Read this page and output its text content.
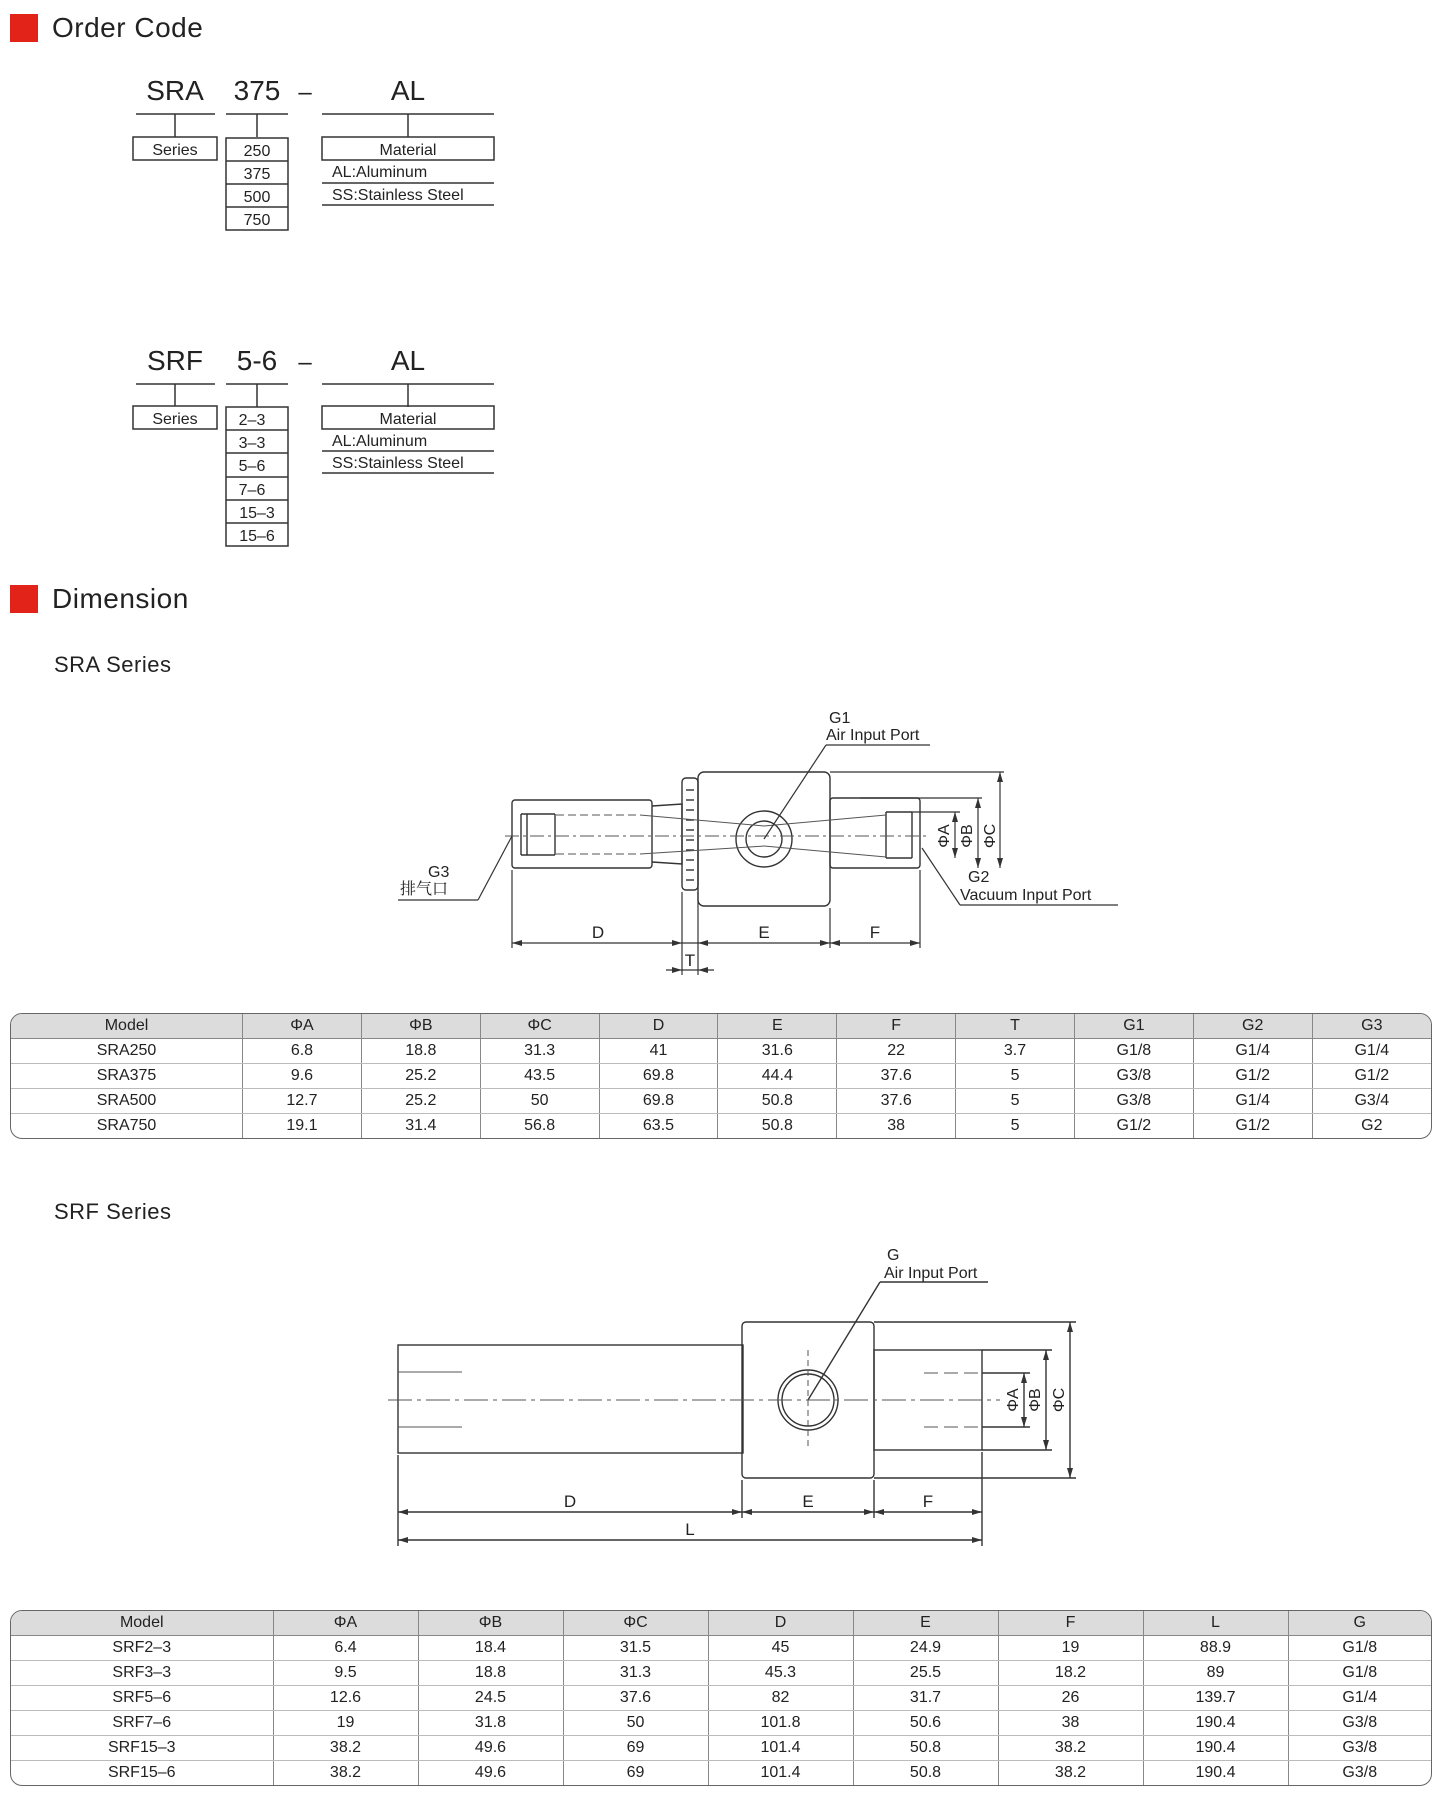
Order Code
SRA 375 –	AL
Series	250
375
500
750
Material
AL:Aluminum
SS:Stainless Steel
SRF 5-6 –	AL
Series	2–3
3–3
5–6
7–6
15–3
15–6
Material
AL:Aluminum
SS:Stainless Steel
Dimension
SRA Series
G1
Air Input Port
G2
Vacuum Input Port
G3
排气口
D
T
E	F
ΦA ΦB ΦC
Model	ΦA	ΦB	ΦC	D	E	F	T	G1	G2	G3
SRA250	6.8	18.8	31.3	41	31.6	22	3.7	G1/8	G1/4	G1/4
SRA375	9.6	25.2	43.5	69.8	44.4	37.6	5	G3/8	G1/2	G1/2
SRA500	12.7	25.2	50	69.8	50.8	37.6	5	G3/8	G1/4	G3/4
SRA750	19.1	31.4	56.8	63.5	50.8	38	5	G1/2	G1/2	G2
SRF Series
G
Air Input Port
D	E	F
L
ΦA ΦB ΦC
Model	ΦA	ΦB	ΦC	D	E	F	L	G
SRF2–3	6.4	18.4	31.5	45	24.9	19	88.9	G1/8
SRF3–3	9.5	18.8	31.3	45.3	25.5	18.2	89	G1/8
SRF5–6	12.6	24.5	37.6	82	31.7	26	139.7	G1/4
SRF7–6	19	31.8	50	101.8	50.6	38	190.4	G3/8
SRF15–3	38.2	49.6	69	101.4	50.8	38.2	190.4	G3/8
SRF15–6	38.2	49.6	69	101.4	50.8	38.2	190.4	G3/8
